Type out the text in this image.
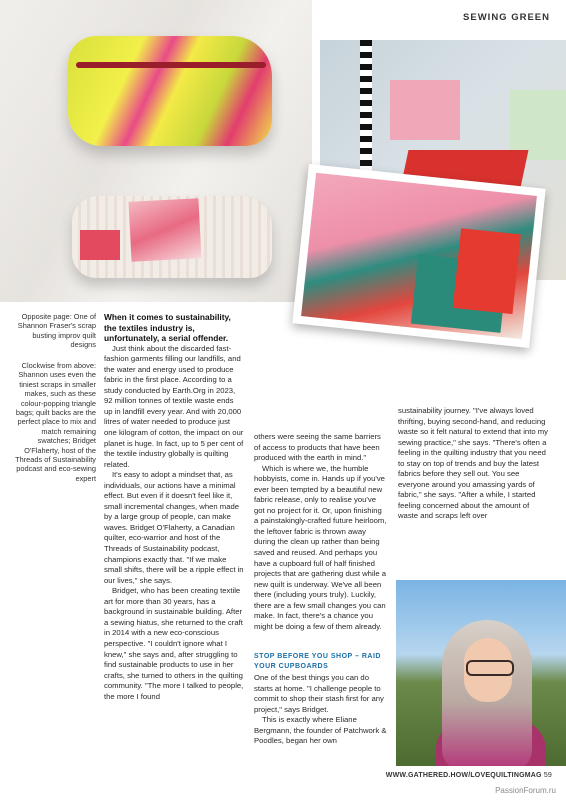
SEWING GREEN
Opposite page: One of Shannon Fraser's scrap busting improv quilt designs
Clockwise from above: Shannon uses even the tiniest scraps in smaller makes, such as these colour-popping triangle bags; quilt backs are the perfect place to mix and match remaining swatches; Bridget O'Flaherty, host of the Threads of Sustainability podcast and eco-sewing expert

When it comes to sustainability, the textiles industry is, unfortunately, a serial offender.

Just think about the discarded fast-fashion garments filling our landfills, and the water and energy used to produce fabric in the first place. According to a study conducted by Earth.Org in 2023, 92 million tonnes of textile waste ends up in landfill every year. And with 20,000 litres of water needed to produce just one kilogram of cotton, the impact on our planet is huge. In fact, up to 5 per cent of the textile industry globally is quilting related.

It's easy to adopt a mindset that, as individuals, our actions have a minimal effect. But even if it doesn't feel like it, small incremental changes, when made by a large group of people, can make waves. Bridget O'Flaherty, a Canadian quilter, eco-warrior and host of the Threads of Sustainability podcast, champions exactly that. "If we make small shifts, there will be a ripple effect in our lives," she says.

Bridget, who has been creating textile art for more than 30 years, has a background in sustainable building. After a sewing hiatus, she returned to the craft in 2014 with a new eco-conscious perspective. "I couldn't ignore what I knew," she says and, after struggling to find sustainable products to use in her crafts, she turned to others in the quilting community. "The more I talked to people, the more I found

others were seeing the same barriers of access to products that have been produced with the earth in mind."

Which is where we, the humble hobbyists, come in. Hands up if you've ever been tempted by a beautiful new fabric release, only to realise you've got no project for it. Or, upon finishing a painstakingly-crafted future heirloom, the leftover fabric is thrown away during the clean up rather than being saved and reused. And perhaps you have a cupboard full of half finished projects that are gathering dust while a new quilt is underway. We've all been there (including yours truly). Luckily, there are a few small changes you can make. In fact, there's a chance you might be doing a few of them already.

STOP BEFORE YOU SHOP – RAID YOUR CUPBOARDS

One of the best things you can do starts at home. "I challenge people to commit to shop their stash first for any project," says Bridget.

This is exactly where Eliane Bergmann, the founder of Patchwork & Poodles, began her own

sustainability journey. "I've always loved thrifting, buying second-hand, and reducing waste so it felt natural to extend that into my sewing practice," she says. "There's often a feeling in the quilting industry that you need to stay on top of trends and buy the latest fabrics before they sell out. You see everyone around you amassing yards of fabric," she says. "After a while, I started feeling concerned about the amount of waste and scraps left over

WWW.GATHERED.HOW/LOVEQUILTINGMAG 59
PassionForum.ru
